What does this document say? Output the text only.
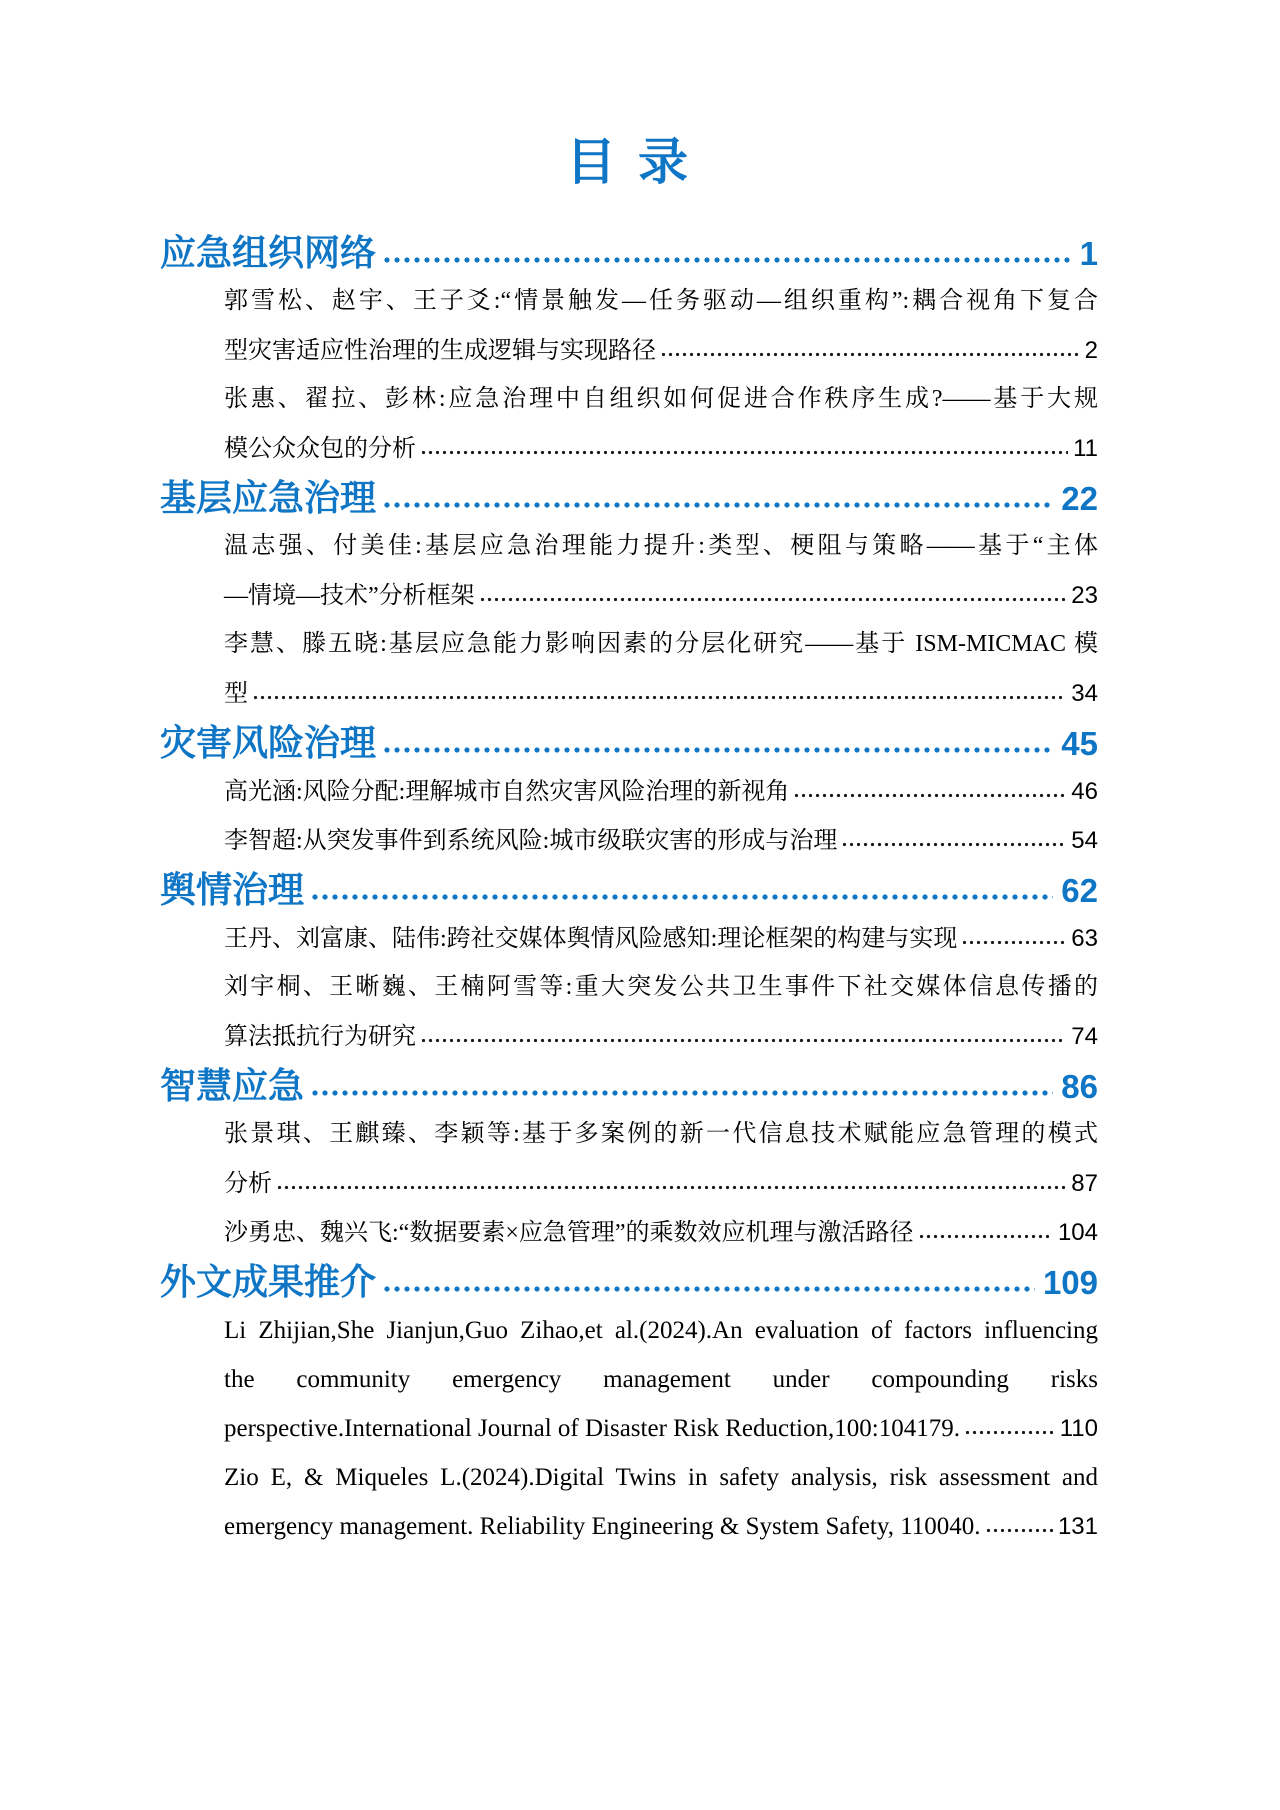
目 录
应急组织网络	1
郭雪松、赵宇、王子爻:“情景触发—任务驱动—组织重构”:耦合视角下复合
型灾害适应性治理的生成逻辑与实现路径	2
张惠、翟拉、彭林:应急治理中自组织如何促进合作秩序生成?——基于大规
模公众众包的分析	11
基层应急治理	22
温志强、付美佳:基层应急治理能力提升:类型、梗阻与策略——基于“主体
—情境—技术”分析框架	23
李慧、滕五晓:基层应急能力影响因素的分层化研究——基于 ISM-MICMAC 模
型	34
灾害风险治理	45
高光涵:风险分配:理解城市自然灾害风险治理的新视角	46
李智超:从突发事件到系统风险:城市级联灾害的形成与治理	54
舆情治理	62
王丹、刘富康、陆伟:跨社交媒体舆情风险感知:理论框架的构建与实现	63
刘宇桐、王晰巍、王楠阿雪等:重大突发公共卫生事件下社交媒体信息传播的
算法抵抗行为研究	74
智慧应急	86
张景琪、王麒臻、李颖等:基于多案例的新一代信息技术赋能应急管理的模式
分析	87
沙勇忠、魏兴飞:“数据要素×应急管理”的乘数效应机理与激活路径	104
外文成果推介	109
Li Zhijian,She Jianjun,Guo Zihao,et al.(2024).An evaluation of factors influencing
the community emergency management under compounding risks
perspective.International Journal of Disaster Risk Reduction,100:104179.	110
Zio E, & Miqueles L.(2024).Digital Twins in safety analysis, risk assessment and
emergency management. Reliability Engineering & System Safety, 110040.	131
